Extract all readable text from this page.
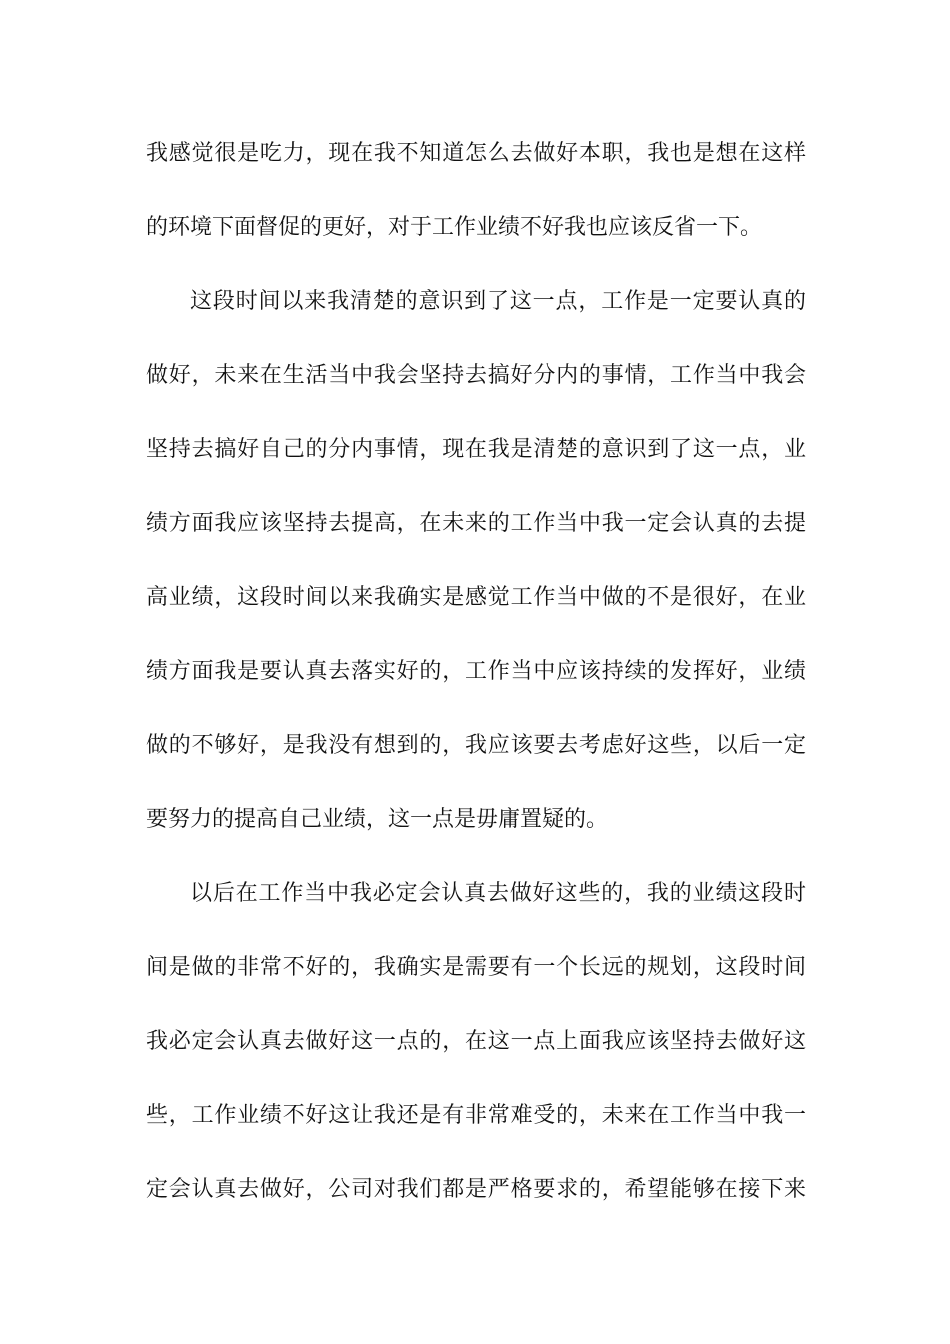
我感觉很是吃力，现在我不知道怎么去做好本职，我也是想在这样
的环境下面督促的更好，对于工作业绩不好我也应该反省一下。
这段时间以来我清楚的意识到了这一点，工作是一定要认真的
做好，未来在生活当中我会坚持去搞好分内的事情，工作当中我会
坚持去搞好自己的分内事情，现在我是清楚的意识到了这一点，业
绩方面我应该坚持去提高，在未来的工作当中我一定会认真的去提
高业绩，这段时间以来我确实是感觉工作当中做的不是很好，在业
绩方面我是要认真去落实好的，工作当中应该持续的发挥好，业绩
做的不够好，是我没有想到的，我应该要去考虑好这些，以后一定
要努力的提高自己业绩，这一点是毋庸置疑的。
以后在工作当中我必定会认真去做好这些的，我的业绩这段时
间是做的非常不好的，我确实是需要有一个长远的规划，这段时间
我必定会认真去做好这一点的，在这一点上面我应该坚持去做好这
些，工作业绩不好这让我还是有非常难受的，未来在工作当中我一
定会认真去做好，公司对我们都是严格要求的，希望能够在接下来
